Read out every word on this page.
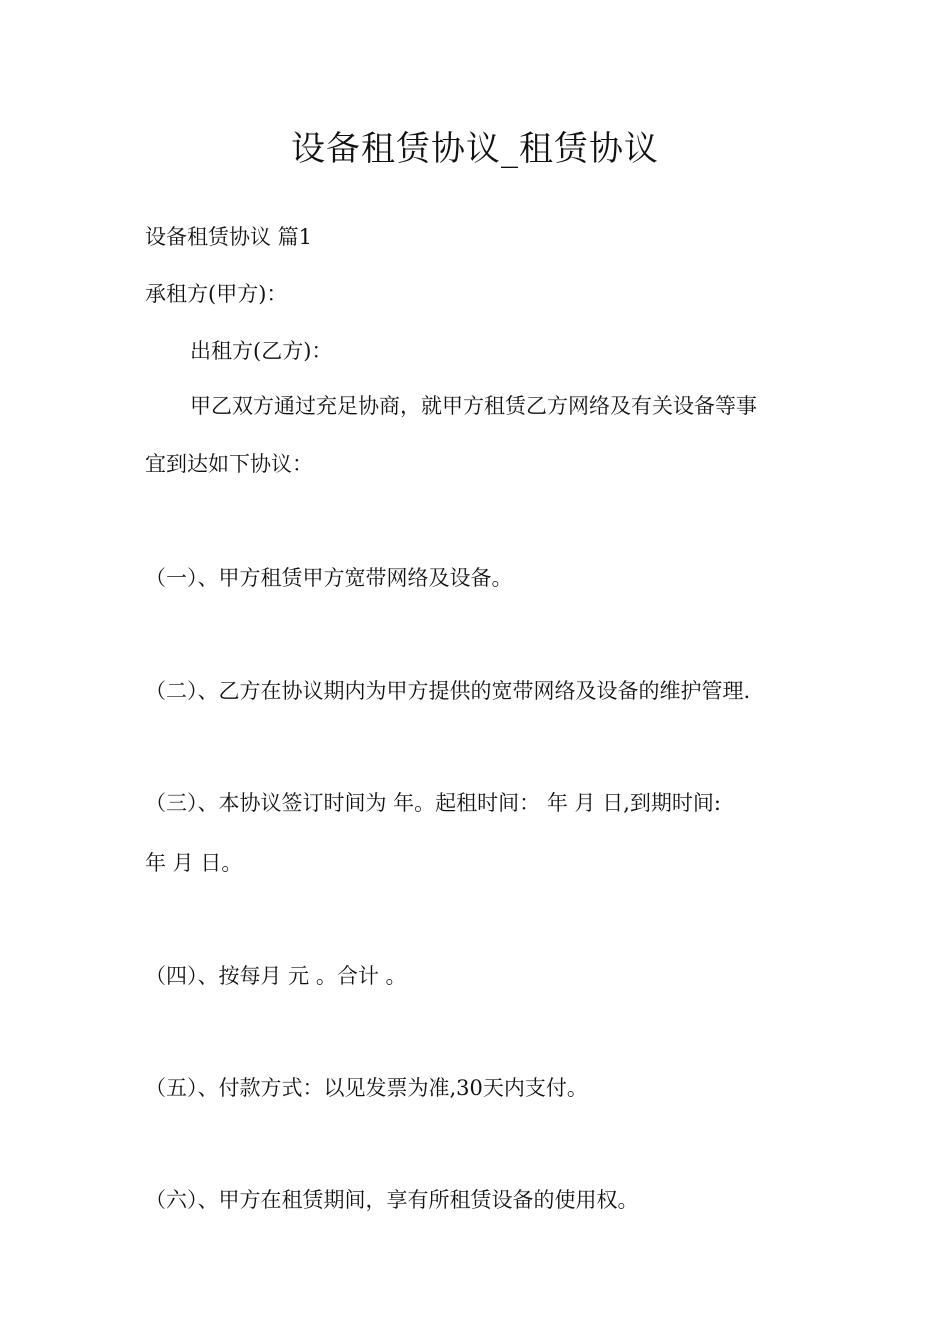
设备租赁协议_租赁协议
设备租赁协议 篇1
承租方(甲方)：
出租方(乙方)：
甲乙双方通过充足协商，就甲方租赁乙方网络及有关设备等事
宜到达如下协议：
（一）、甲方租赁甲方宽带网络及设备。
（二）、乙方在协议期内为甲方提供的宽带网络及设备的维护管理.
（三）、本协议签订时间为 年。起租时间： 年 月 日,到期时间:
年 月 日。
（四）、按每月 元 。合计 。
（五）、付款方式：以见发票为准,30天内支付。
（六）、甲方在租赁期间，享有所租赁设备的使用权。
